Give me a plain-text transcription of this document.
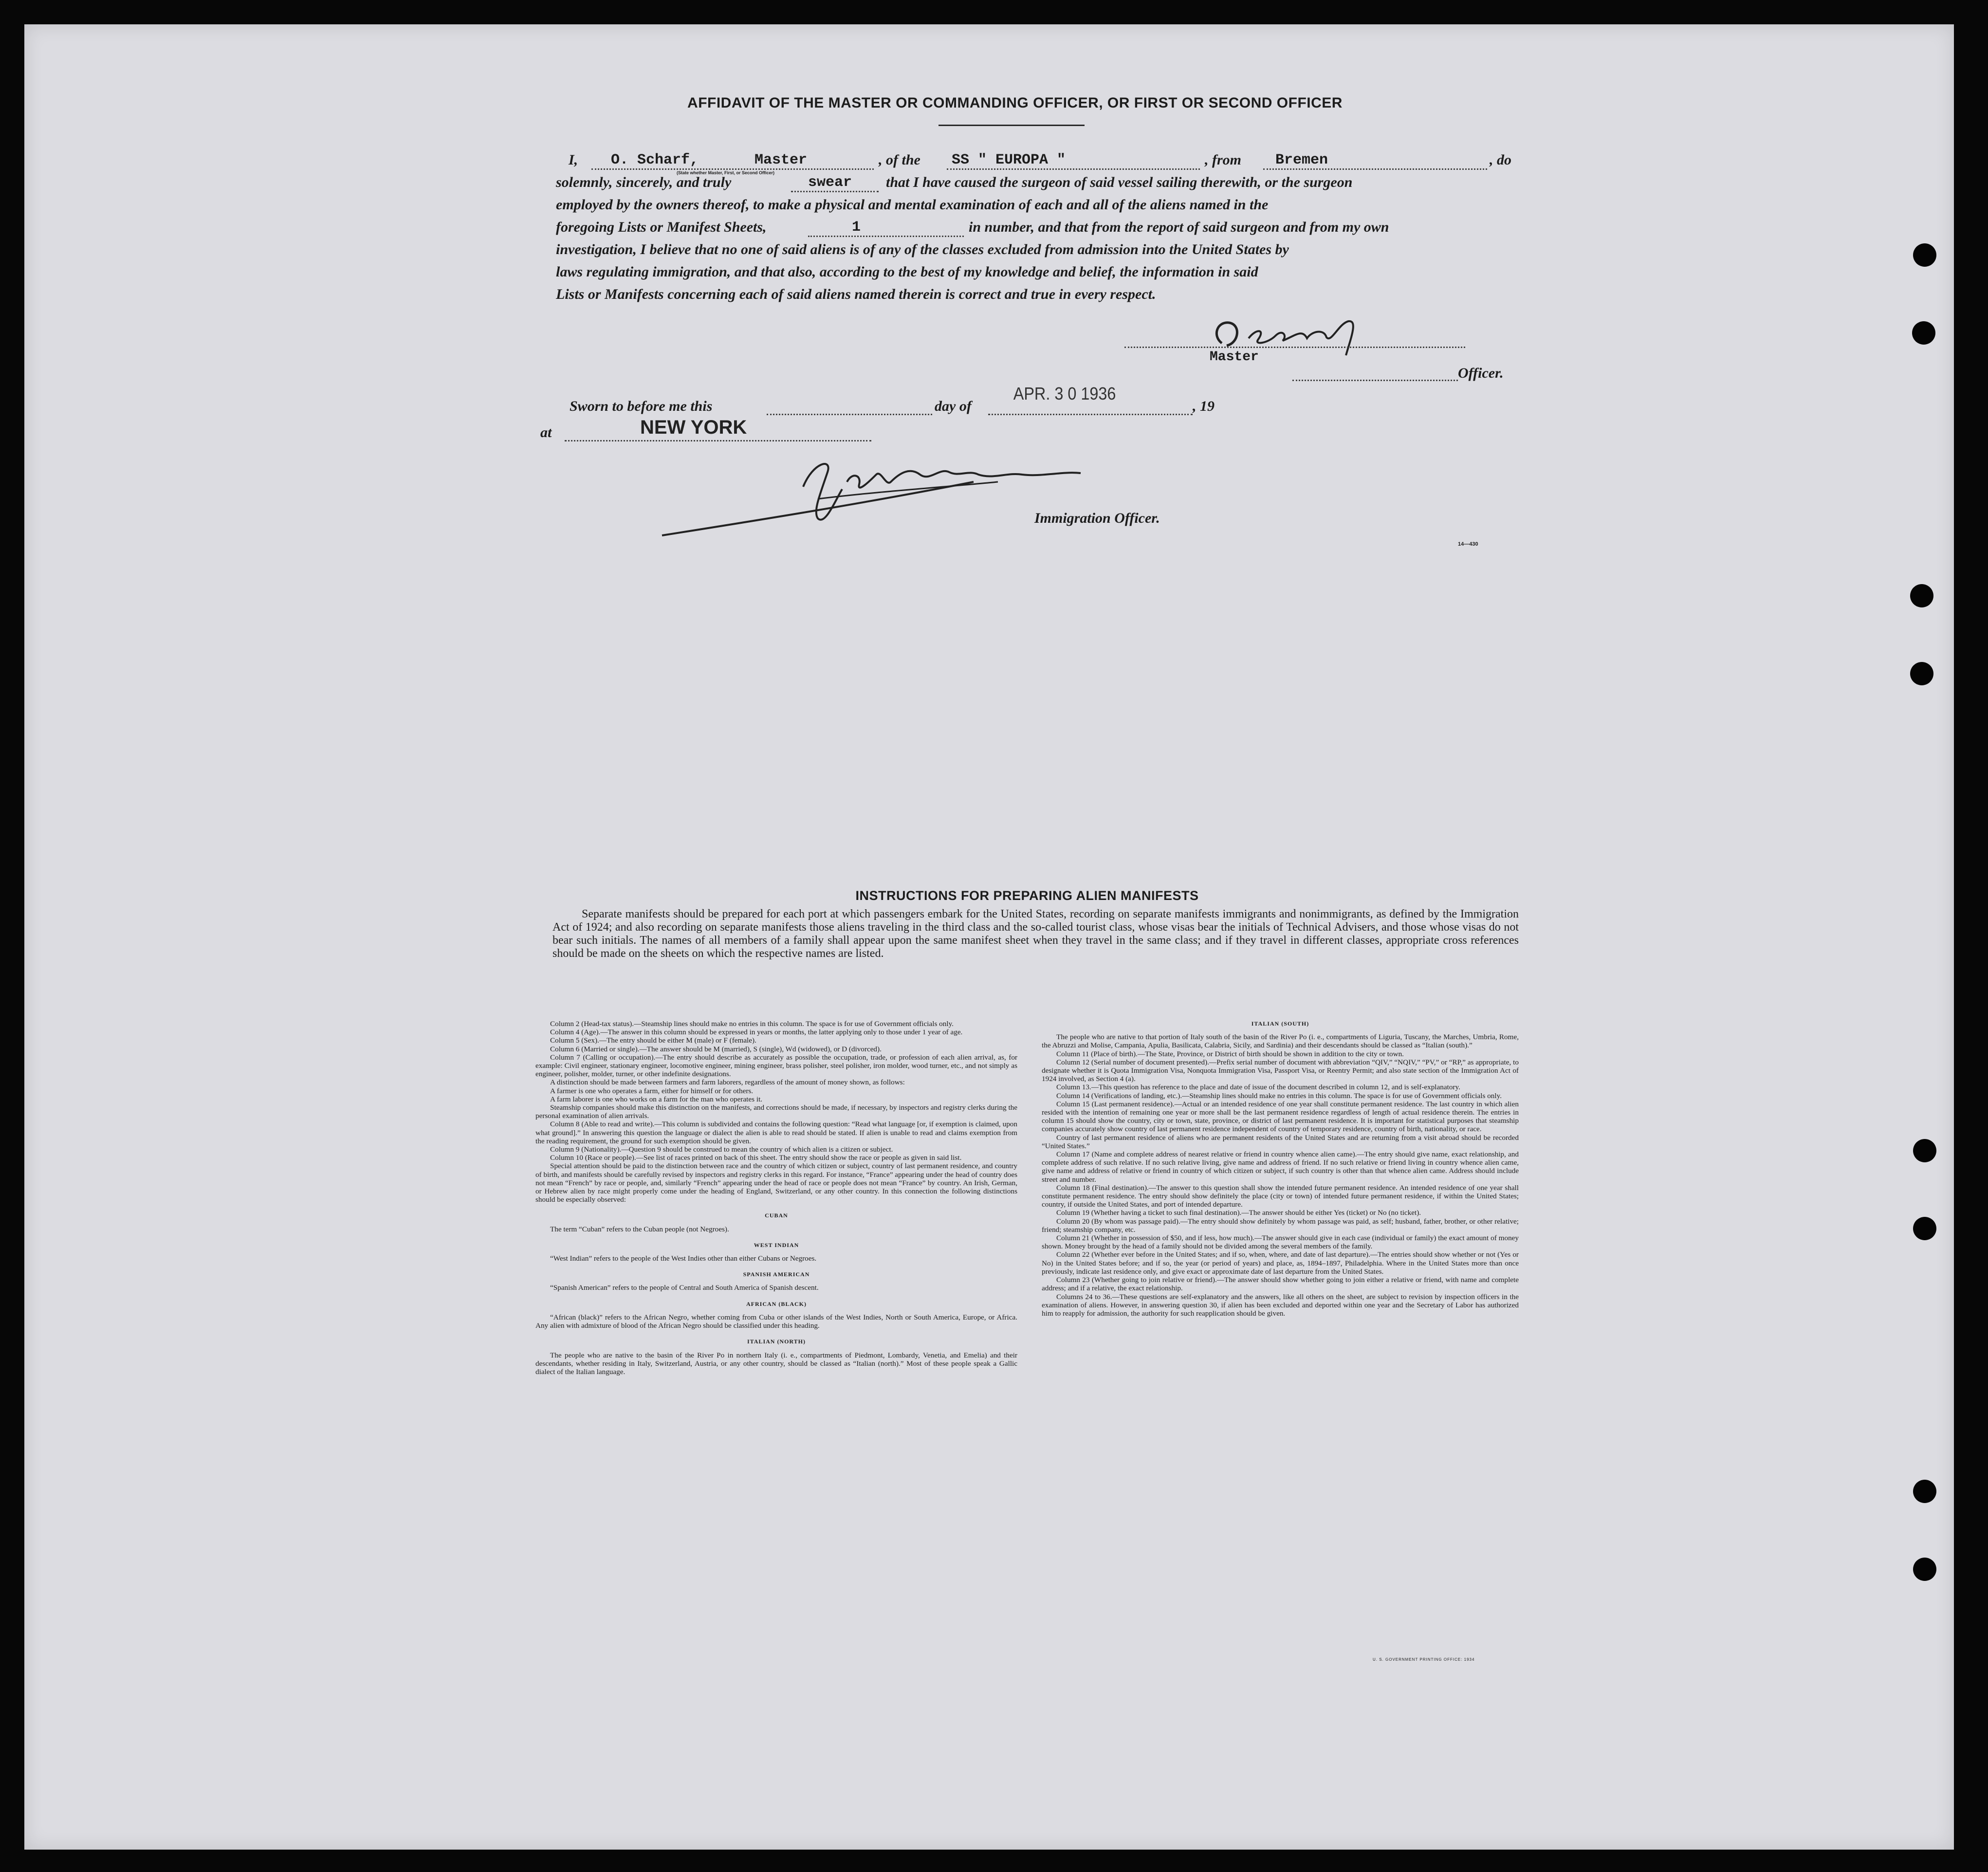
AFFIDAVIT OF THE MASTER OR COMMANDING OFFICER, OR FIRST OR SECOND OFFICER
I, O. Scharf,	Master
(State whether Master, First, or Second Officer)
, of the SS " EUROPA "	, from Bremen	, do
solemnly, sincerely, and truly	swear that I have caused the surgeon of said vessel sailing therewith, or the surgeon
employed by the owners thereof, to make a physical and mental examination of each and all of the aliens named in the
foregoing Lists or Manifest Sheets,	1	in number, and that from the report of said surgeon and from my own
investigation, I believe that no one of said aliens is of any of the classes excluded from admission into the United States by
laws regulating immigration, and that also, according to the best of my knowledge and belief, the information in said
Lists or Manifests concerning each of said aliens named therein is correct and true in every respect.
Master
Officer.
Sworn to before me this	day of
APR. 3 0 1936
, 19
at	NEW YORK
Immigration Officer.
14—430
INSTRUCTIONS FOR PREPARING ALIEN MANIFESTS
Separate manifests should be prepared for each port at which passengers embark for the United States, recording on separate manifests immigrants and nonimmigrants, as defined by the Immigration Act of 1924; and also recording on separate manifests those aliens traveling in the third class and the so-called tourist class, whose visas bear the initials of Technical Advisers, and those whose visas do not bear such initials. The names of all members of a family shall appear upon the same manifest sheet when they travel in the same class; and if they travel in different classes, appropriate cross references should be made on the sheets on which the respective names are listed.

Column 2 (Head-tax status).—Steamship lines should make no entries in this column. The space is for use of Government officials only.

Column 4 (Age).—The answer in this column should be expressed in years or months, the latter applying only to those under 1 year of age.

Column 5 (Sex).—The entry should be either M (male) or F (female).

Column 6 (Married or single).—The answer should be M (married), S (single), Wd (widowed), or D (divorced).

Column 7 (Calling or occupation).—The entry should describe as accurately as possible the occupation, trade, or profession of each alien arrival, as, for example: Civil engineer, stationary engineer, locomotive engineer, mining engineer, brass polisher, steel polisher, iron molder, wood turner, etc., and not simply as engineer, polisher, molder, turner, or other indefinite designations.

A distinction should be made between farmers and farm laborers, regardless of the amount of money shown, as follows:

A farmer is one who operates a farm, either for himself or for others.

A farm laborer is one who works on a farm for the man who operates it.

Steamship companies should make this distinction on the manifests, and corrections should be made, if necessary, by inspectors and registry clerks during the personal examination of alien arrivals.

Column 8 (Able to read and write).—This column is subdivided and contains the following question: “Read what language [or, if exemption is claimed, upon what ground].” In answering this question the language or dialect the alien is able to read should be stated. If alien is unable to read and claims exemption from the reading requirement, the ground for such exemption should be given.

Column 9 (Nationality).—Question 9 should be construed to mean the country of which alien is a citizen or subject.

Column 10 (Race or people).—See list of races printed on back of this sheet. The entry should show the race or people as given in said list.

Special attention should be paid to the distinction between race and the country of which citizen or subject, country of last permanent residence, and country of birth, and manifests should be carefully revised by inspectors and registry clerks in this regard. For instance, “France” appearing under the head of country does not mean “French” by race or people, and, similarly “French” appearing under the head of race or people does not mean “France” by country. An Irish, German, or Hebrew alien by race might properly come under the heading of England, Switzerland, or any other country. In this connection the following distinctions should be especially observed:

CUBAN

The term “Cuban” refers to the Cuban people (not Negroes).

WEST INDIAN

“West Indian” refers to the people of the West Indies other than either Cubans or Negroes.

SPANISH AMERICAN

“Spanish American” refers to the people of Central and South America of Spanish descent.

AFRICAN (BLACK)

“African (black)” refers to the African Negro, whether coming from Cuba or other islands of the West Indies, North or South America, Europe, or Africa. Any alien with admixture of blood of the African Negro should be classified under this heading.

ITALIAN (NORTH)

The people who are native to the basin of the River Po in northern Italy (i. e., compartments of Piedmont, Lombardy, Venetia, and Emelia) and their descendants, whether residing in Italy, Switzerland, Austria, or any other country, should be classed as “Italian (north).” Most of these people speak a Gallic dialect of the Italian language.

ITALIAN (SOUTH)

The people who are native to that portion of Italy south of the basin of the River Po (i. e., compartments of Liguria, Tuscany, the Marches, Umbria, Rome, the Abruzzi and Molise, Campania, Apulia, Basilicata, Calabria, Sicily, and Sardinia) and their descendants should be classed as “Italian (south).”

Column 11 (Place of birth).—The State, Province, or District of birth should be shown in addition to the city or town.

Column 12 (Serial number of document presented).—Prefix serial number of document with abbreviation “QIV,” “NQIV,” “PV,” or “RP,” as appropriate, to designate whether it is Quota Immigration Visa, Nonquota Immigration Visa, Passport Visa, or Reentry Permit; and also state section of the Immigration Act of 1924 involved, as Section 4 (a).

Column 13.—This question has reference to the place and date of issue of the document described in column 12, and is self-explanatory.

Column 14 (Verifications of landing, etc.).—Steamship lines should make no entries in this column. The space is for use of Government officials only.

Column 15 (Last permanent residence).—Actual or an intended residence of one year shall constitute permanent residence. The last country in which alien resided with the intention of remaining one year or more shall be the last permanent residence regardless of length of actual residence therein. The entries in column 15 should show the country, city or town, state, province, or district of last permanent residence. It is important for statistical purposes that steamship companies accurately show country of last permanent residence independent of country of temporary residence, country of birth, nationality, or race.

Country of last permanent residence of aliens who are permanent residents of the United States and are returning from a visit abroad should be recorded “United States.”

Column 17 (Name and complete address of nearest relative or friend in country whence alien came).—The entry should give name, exact relationship, and complete address of such relative. If no such relative living, give name and address of friend. If no such relative or friend living in country whence alien came, give name and address of relative or friend in country of which citizen or subject, if such country is other than that whence alien came. Address should include street and number.

Column 18 (Final destination).—The answer to this question shall show the intended future permanent residence. An intended residence of one year shall constitute permanent residence. The entry should show definitely the place (city or town) of intended future permanent residence, if within the United States; country, if outside the United States, and port of intended departure.

Column 19 (Whether having a ticket to such final destination).—The answer should be either Yes (ticket) or No (no ticket).

Column 20 (By whom was passage paid).—The entry should show definitely by whom passage was paid, as self; husband, father, brother, or other relative; friend; steamship company, etc.

Column 21 (Whether in possession of $50, and if less, how much).—The answer should give in each case (individual or family) the exact amount of money shown. Money brought by the head of a family should not be divided among the several members of the family.

Column 22 (Whether ever before in the United States; and if so, when, where, and date of last departure).—The entries should show whether or not (Yes or No) in the United States before; and if so, the year (or period of years) and place, as, 1894–1897, Philadelphia. Where in the United States more than once previously, indicate last residence only, and give exact or approximate date of last departure from the United States.

Column 23 (Whether going to join relative or friend).—The answer should show whether going to join either a relative or friend, with name and complete address; and if a relative, the exact relationship.

Columns 24 to 36.—These questions are self-explanatory and the answers, like all others on the sheet, are subject to revision by inspection officers in the examination of aliens. However, in answering question 30, if alien has been excluded and deported within one year and the Secretary of Labor has authorized him to reapply for admission, the authority for such reapplication should be given.

U. S. GOVERNMENT PRINTING OFFICE: 1934
